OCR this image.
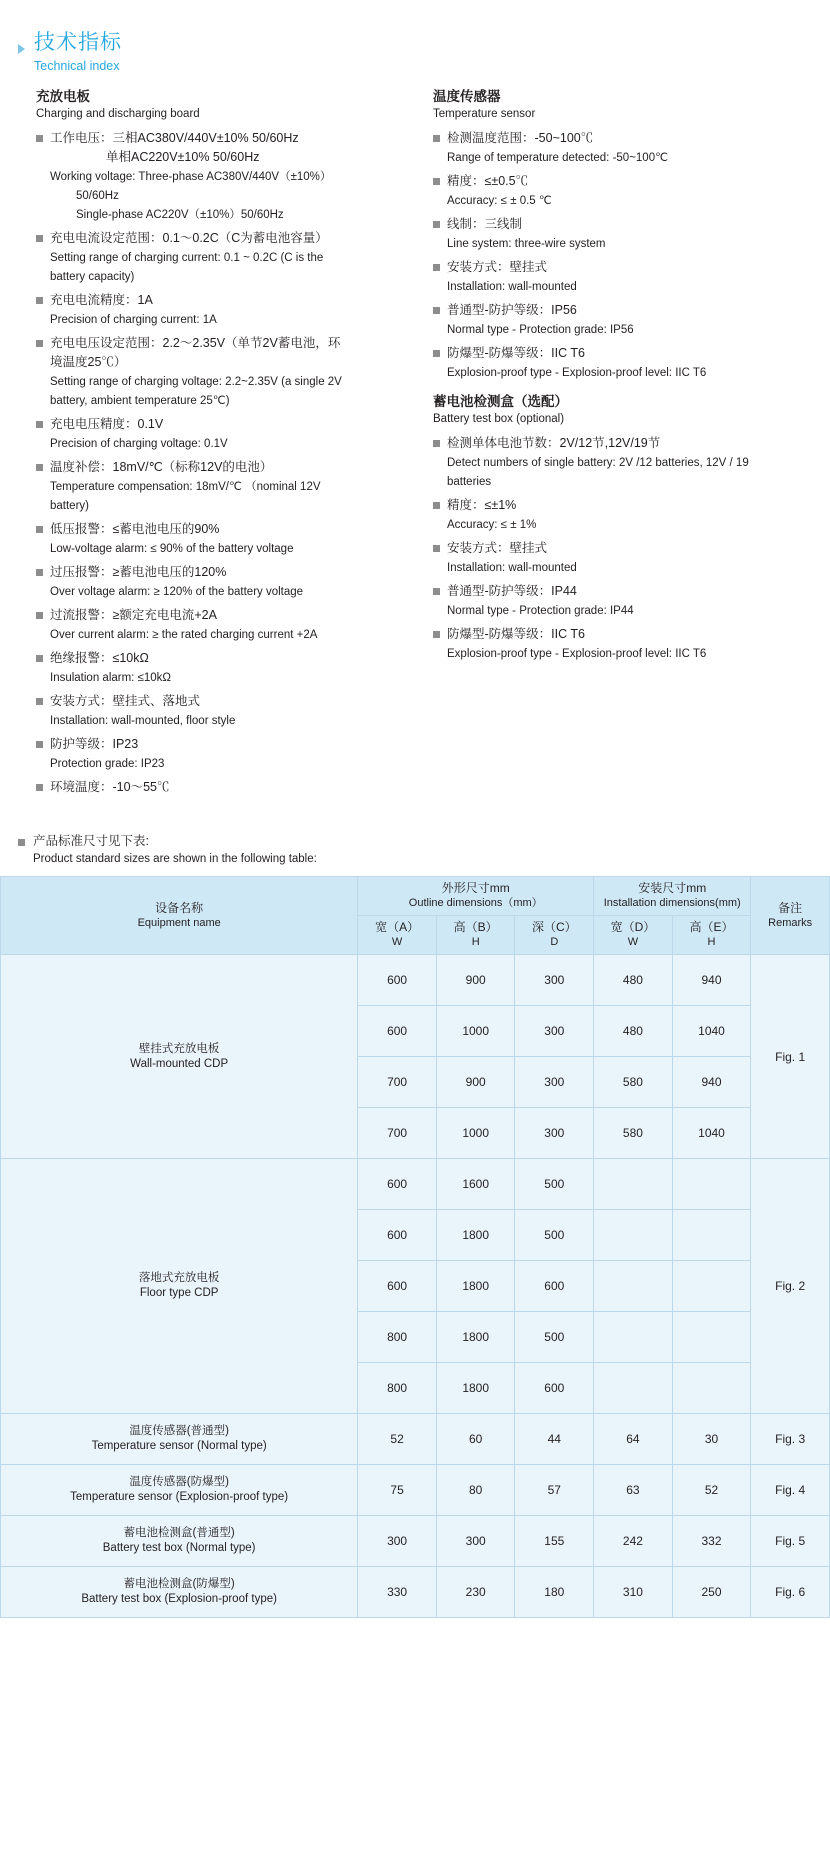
技术指标
Technical index
充放电板
Charging and discharging board
工作电压：三相AC380V/440V±10% 50/60Hz
单相AC220V±10% 50/60Hz
Working voltage: Three-phase AC380V/440V（±10%）
50/60Hz
Single-phase AC220V（±10%）50/60Hz
充电电流设定范围：0.1～0.2C（C为蓄电池容量）
Setting range of charging current: 0.1 ~ 0.2C (C is the
battery capacity)
充电电流精度：1A
Precision of charging current: 1A
充电电压设定范围：2.2～2.35V（单节2V蓄电池，环
境温度25℃）
Setting range of charging voltage: 2.2~2.35V (a single 2V
battery, ambient temperature 25℃)
充电电压精度：0.1V
Precision of charging voltage: 0.1V
温度补偿：18mV/℃（标称12V的电池）
Temperature compensation: 18mV/℃ （nominal 12V
battery)
低压报警：≤蓄电池电压的90%
Low-voltage alarm: ≤ 90% of the battery voltage
过压报警：≥蓄电池电压的120%
Over voltage alarm: ≥ 120% of the battery voltage
过流报警：≥额定充电电流+2A
Over current alarm: ≥ the rated charging current +2A
绝缘报警：≤10kΩ
Insulation alarm: ≤10kΩ
安装方式：壁挂式、落地式
Installation: wall-mounted, floor style
防护等级：IP23
Protection grade: IP23
环境温度：-10～55℃
温度传感器
Temperature sensor
检测温度范围：-50~100℃
Range of temperature detected: -50~100℃
精度：≤±0.5℃
Accuracy: ≤ ± 0.5 ℃
线制：三线制
Line system: three-wire system
安装方式：壁挂式
Installation: wall-mounted
普通型-防护等级：IP56
Normal type - Protection grade: IP56
防爆型-防爆等级：IIC T6
Explosion-proof type - Explosion-proof level: IIC T6
蓄电池检测盒（选配）
Battery test box (optional)
检测单体电池节数：2V/12节,12V/19节
Detect numbers of single battery: 2V /12 batteries, 12V / 19
batteries
精度：≤±1%
Accuracy: ≤ ± 1%
安装方式：壁挂式
Installation: wall-mounted
普通型-防护等级：IP44
Normal type - Protection grade: IP44
防爆型-防爆等级：IIC T6
Explosion-proof type - Explosion-proof level: IIC T6
产品标准尺寸见下表:
Product standard sizes are shown in the following table:
设备名称
Equipment name	外形尺寸mm
Outline dimensions（mm）			安装尺寸mm
Installation dimensions(mm)		备注
Remarks

	宽（A）
W	高（B）
H	深（C）
D	宽（D）
W	高（E）
H	

壁挂式充放电板
Wall-mounted CDP	600	900	300	480	940	Fig. 1
	600	1000	300	480	1040	
	700	900	300	580	940	
	700	1000	300	580	1040	

落地式充放电板
Floor type CDP	600	1600	500			Fig. 2
	600	1800	500			
	600	1800	600			
	800	1800	500			
	800	1800	600			

温度传感器(普通型)
Temperature sensor (Normal type)	52	60	44	64	30	Fig. 3

温度传感器(防爆型)
Temperature sensor (Explosion-proof type)	75	80	57	63	52	Fig. 4

蓄电池检测盒(普通型)
Battery test box (Normal type)	300	300	155	242	332	Fig. 5

蓄电池检测盒(防爆型)
Battery test box (Explosion-proof type)	330	230	180	310	250	Fig. 6
